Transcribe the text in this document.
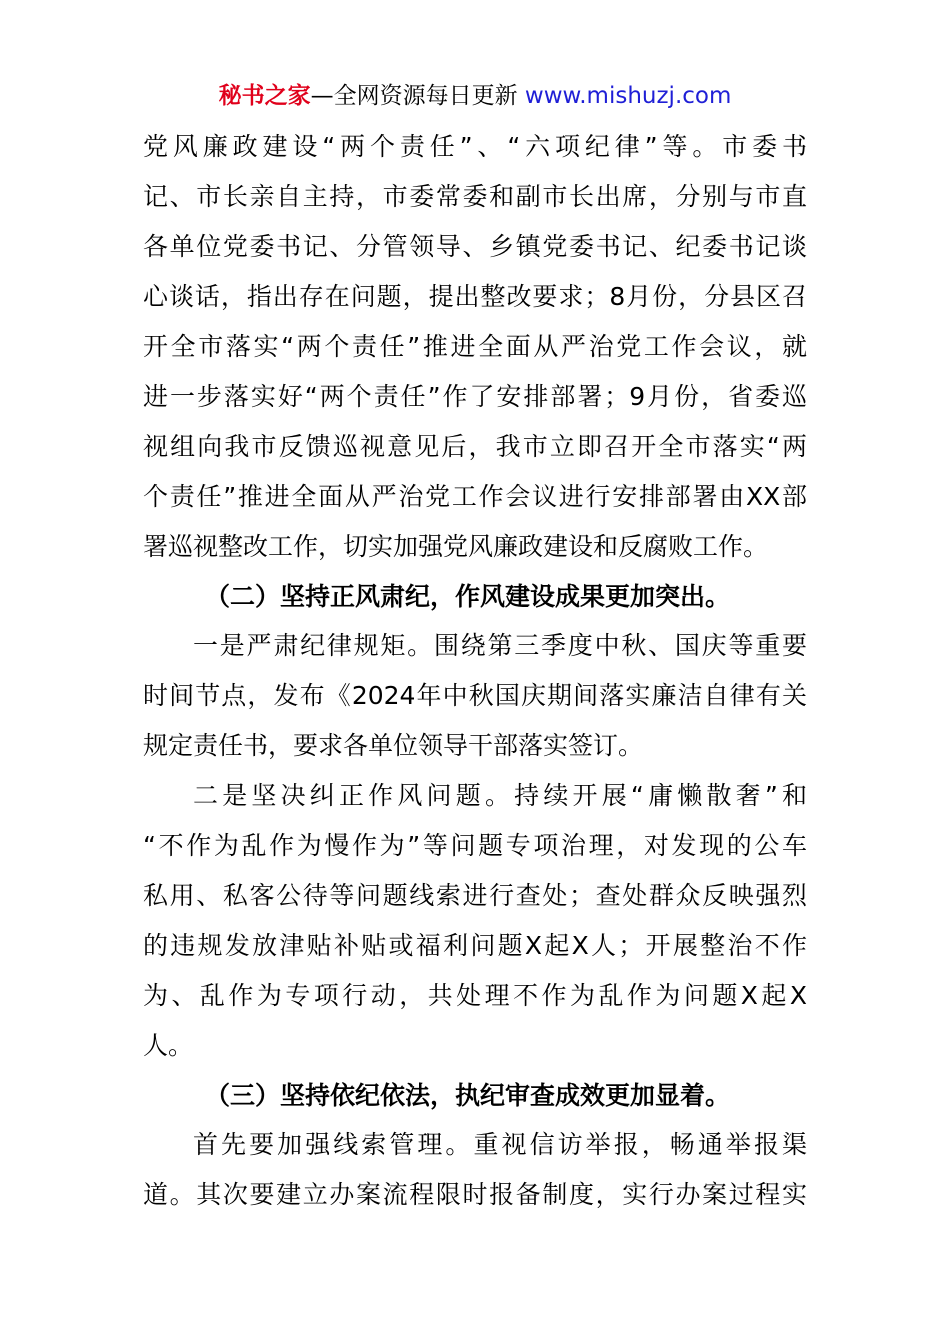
秘书之家—全网资源每日更新 www.mishuzj.com
党风廉政建设“两个责任”、“六项纪律”等。市委书
记、市长亲自主持，市委常委和副市长出席，分别与市直
各单位党委书记、分管领导、乡镇党委书记、纪委书记谈
心谈话，指出存在问题，提出整改要求；8月份，分县区召
开全市落实“两个责任”推进全面从严治党工作会议，就
进一步落实好“两个责任”作了安排部署；9月份，省委巡
视组向我市反馈巡视意见后，我市立即召开全市落实“两
个责任”推进全面从严治党工作会议进行安排部署由XX部
署巡视整改工作，切实加强党风廉政建设和反腐败工作。
（二）坚持正风肃纪，作风建设成果更加突出。
一是严肃纪律规矩。围绕第三季度中秋、国庆等重要
时间节点，发布《2024年中秋国庆期间落实廉洁自律有关
规定责任书，要求各单位领导干部落实签订。
二是坚决纠正作风问题。持续开展“庸懒散奢”和
“不作为乱作为慢作为”等问题专项治理，对发现的公车
私用、私客公待等问题线索进行查处；查处群众反映强烈
的违规发放津贴补贴或福利问题X起X人；开展整治不作
为、乱作为专项行动，共处理不作为乱作为问题X起X
人。
（三）坚持依纪依法，执纪审查成效更加显着。
首先要加强线索管理。重视信访举报，畅通举报渠
道。其次要建立办案流程限时报备制度，实行办案过程实
